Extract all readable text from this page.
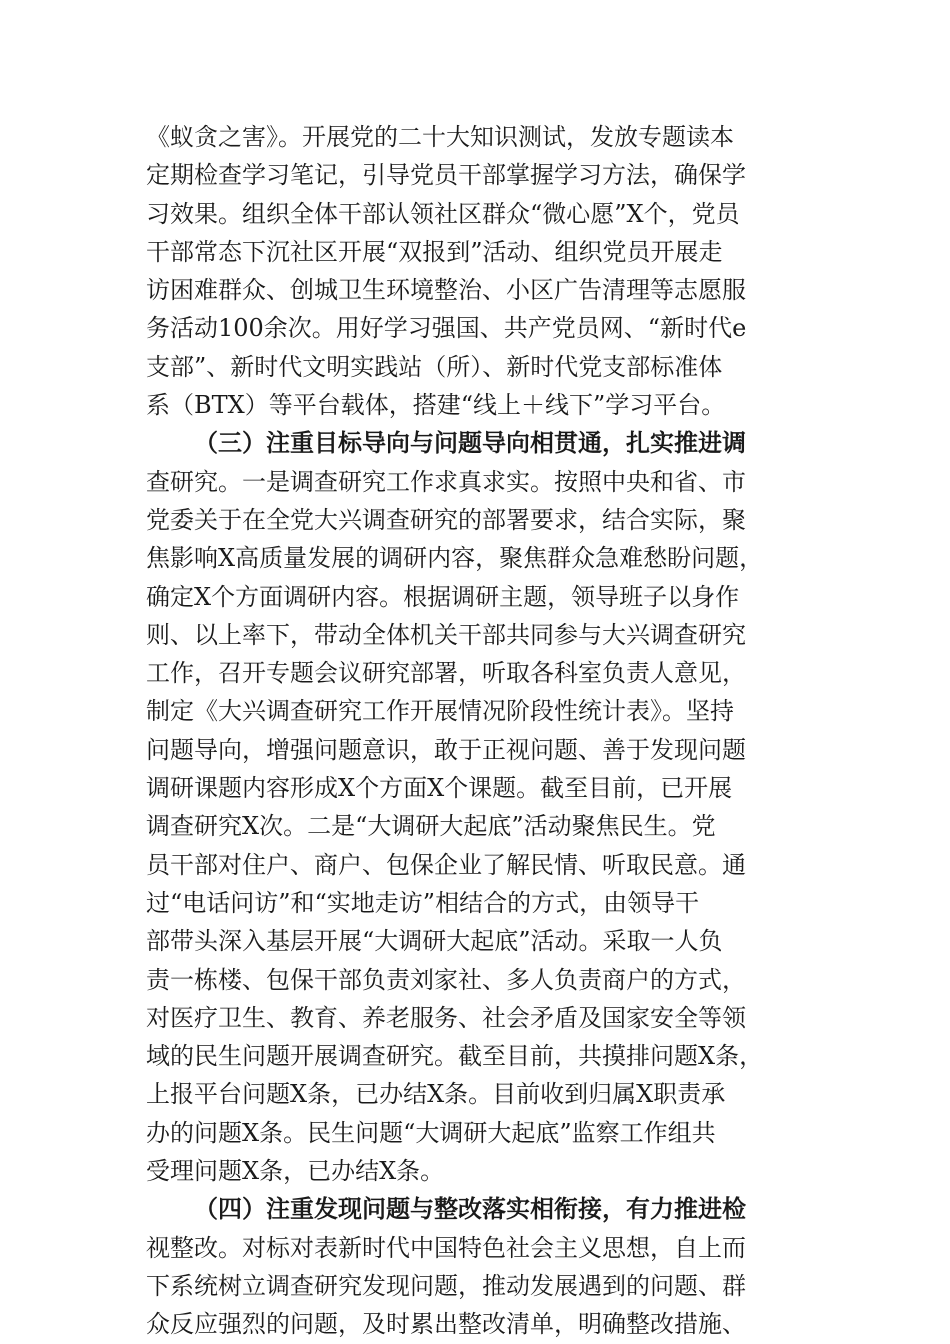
《蚁贪之害》。开展党的二十大知识测试，发放专题读本
定期检查学习笔记，引导党员干部掌握学习方法，确保学
习效果。组织全体干部认领社区群众“微心愿”X个，党员
干部常态下沉社区开展“双报到”活动、组织党员开展走
访困难群众、创城卫生环境整治、小区广告清理等志愿服
务活动100余次。用好学习强国、共产党员网、“新时代e
支部”、新时代文明实践站（所）、新时代党支部标准体
系（BTX）等平台载体，搭建“线上＋线下”学习平台。
（三）注重目标导向与问题导向相贯通，扎实推进调
查研究。一是调查研究工作求真求实。按照中央和省、市
党委关于在全党大兴调查研究的部署要求，结合实际，聚
焦影响X高质量发展的调研内容，聚焦群众急难愁盼问题，
确定X个方面调研内容。根据调研主题，领导班子以身作
则、以上率下，带动全体机关干部共同参与大兴调查研究
工作，召开专题会议研究部署，听取各科室负责人意见，
制定《大兴调查研究工作开展情况阶段性统计表》。坚持
问题导向，增强问题意识，敢于正视问题、善于发现问题
调研课题内容形成X个方面X个课题。截至目前，已开展
调查研究X次。二是“大调研大起底”活动聚焦民生。党
员干部对住户、商户、包保企业了解民情、听取民意。通
过“电话问访”和“实地走访”相结合的方式，由领导干
部带头深入基层开展“大调研大起底”活动。采取一人负
责一栋楼、包保干部负责刘家社、多人负责商户的方式，
对医疗卫生、教育、养老服务、社会矛盾及国家安全等领
域的民生问题开展调查研究。截至目前，共摸排问题X条，
上报平台问题X条，已办结X条。目前收到归属X职责承
办的问题X条。民生问题“大调研大起底”监察工作组共
受理问题X条，已办结X条。
（四）注重发现问题与整改落实相衔接，有力推进检
视整改。对标对表新时代中国特色社会主义思想，自上而
下系统树立调查研究发现问题，推动发展遇到的问题、群
众反应强烈的问题，及时累出整改清单，明确整改措施、
